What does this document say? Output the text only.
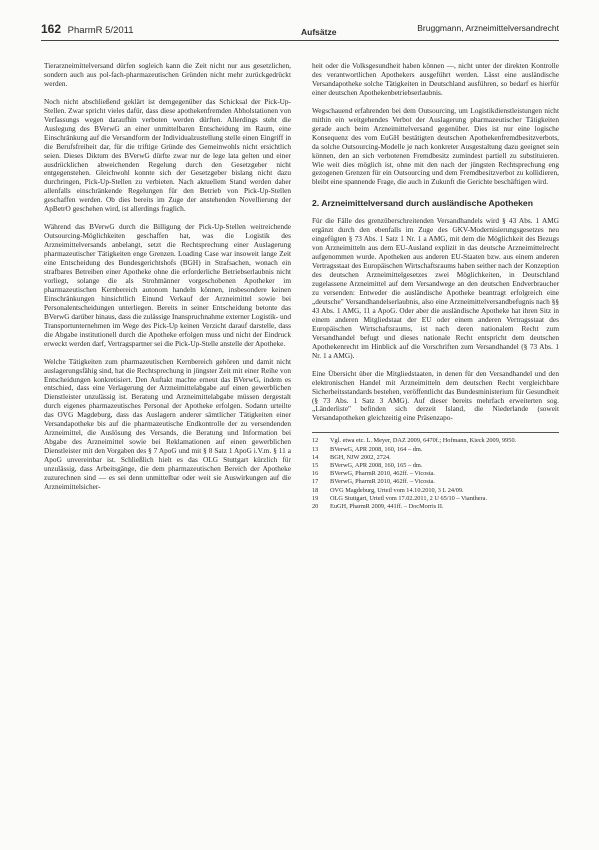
162 PharmR 5/2011	Aufsätze	Bruggmann, Arzneimittelversandrecht

Tierarzneimittelversand dürfen sogleich kann die Zeit nicht nur aus gesetzlichen, sondern auch aus pol-fach-pharmazeutischen Gründen nicht mehr zurückgedrückt werden.

Noch nicht abschließend geklärt ist demgegenüber das Schicksal der Pick-Up-Stellen. Zwar spricht vieles dafür, dass diese apothekenfremden Abholstationen von Verfassungs wegen daraufhin verboten werden dürften. Allerdings steht die Auslegung des BVerwG an einer unmittelbaren Entscheidung im Raum, eine Einschränkung auf die Versandform der Individualzustellung stelle einen Eingriff in die Berufsfreiheit dar, für die triftige Gründe des Gemeinwohls nicht ersichtlich seien. Dieses Diktum des BVerwG dürfte zwar nur de lege lata gelten und einer ausdrücklichen abweichenden Regelung durch den Gesetzgeber nicht entgegenstehen. Gleichwohl konnte sich der Gesetzgeber bislang nicht dazu durchringen, Pick-Up-Stellen zu verbieten. Nach aktuellem Stand werden daher allenfalls einschränkende Regelungen für den Betrieb von Pick-Up-Stellen geschaffen werden. Ob dies bereits im Zuge der anstehenden Novellierung der ApBetrO geschehen wird, ist allerdings fraglich.

Während das BVerwG durch die Billigung der Pick-Up-Stellen weitreichende Outsourcing-Möglichkeiten geschaffen hat, was die Logistik des Arzneimittelversands anbelangt, setzt die Rechtsprechung einer Auslagerung pharmazeutischer Tätigkeiten enge Grenzen. Loading Case war insoweit lange Zeit eine Entscheidung des Bundesgerichtshofs (BGH) in Strafsachen, wonach ein strafbares Betreiben einer Apotheke ohne die erforderliche Betriebserlaubnis nicht vorliegt, solange die als Strohmänner vorgeschobenen Apotheker im pharmazeutischen Kernbereich autonom handeln können, insbesondere keinen Einschränkungen hinsichtlich Einund Verkauf der Arzneimittel sowie bei Personalentscheidungen unterliegen. Bereits in seiner Entscheidung betonte das BVerwG darüber hinaus, dass die zulässige Inanspruchnahme externer Logistik- und Transportunternehmen im Wege des Pick-Up keinen Verzicht darauf darstelle, dass die Abgabe institutionell durch die Apotheke erfolgen muss und nicht der Eindruck erweckt werden darf, Vertragspartner sei die Pick-Up-Stelle anstelle der Apotheke.

Welche Tätigkeiten zum pharmazeutischen Kernbereich gehören und damit nicht auslagerungsfähig sind, hat die Rechtsprechung in jüngster Zeit mit einer Reihe von Entscheidungen konkretisiert. Den Auftakt machte erneut das BVerwG, indem es entschied, dass eine Verlagerung der Arzneimittelabgabe auf einen gewerblichen Dienstleister unzulässig ist. Beratung und Arzneimittelabgabe müssen dergestalt durch eigenes pharmazeutisches Personal der Apotheke erfolgen. Sodann urteilte das OVG Magdeburg, dass das Auslagern anderer sämtlicher Tätigkeiten einer Versandapotheke bis auf die pharmazeutische Endkontrolle der zu versendenden Arzneimittel, die Auslösung des Versands, die Beratung und Information bei Abgabe des Arzneimittel sowie bei Reklamationen auf einen gewerblichen Dienstleister mit den Vorgaben des § 7 ApoG und mit § 8 Satz 1 ApoG i.V.m. § 11 a ApoG unvereinbar ist. Schließlich hielt es das OLG Stuttgart kürzlich für unzulässig, dass Arbeitsgänge, die dem pharmazeutischen Bereich der Apotheke zuzurechnen sind — es sei denn unmittelbar oder weit sie Auswirkungen auf die Arzneimittelsicher-

heit oder die Volksgesundheit haben können —, nicht unter der direkten Kontrolle des verantwortlichen Apothekers ausgeführt werden. Lässt eine ausländische Versandapotheke solche Tätigkeiten in Deutschland ausführen, so bedarf es hierfür einer deutschen Apothekenbetriebserlaubnis.

Wegschauend erfahrenden bei dem Outsourcing, um Logistikdienstleistungen nicht mithin ein weitgehendes Verbot der Auslagerung pharmazeutischer Tätigkeiten gerade auch beim Arzneimittelversand gegenüber. Dies ist nur eine logische Konsequenz des vom EuGH bestätigten deutschen Apothekenfremdbesitzverbots, da solche Outsourcing-Modelle je nach konkreter Ausgestaltung dazu geeignet sein können, den an sich verbotenen Fremdbesitz zumindest partiell zu substituieren. Wie weit dies möglich ist, ohne mit den nach der jüngsten Rechtsprechung eng gezogenen Grenzen für ein Outsourcing und dem Fremdbesitzverbot zu kollidieren, bleibt eine spannende Frage, die auch in Zukunft die Gerichte beschäftigen wird.

2. Arzneimittelversand durch ausländische Apotheken

Für die Fälle des grenzüberschreitenden Versandhandels wird § 43 Abs. 1 AMG ergänzt durch den ebenfalls im Zuge des GKV-Modernisierungsgesetzes neu eingefügten § 73 Abs. 1 Satz 1 Nr. 1 a AMG, mit dem die Möglichkeit des Bezugs von Arzneimitteln aus dem EU-Ausland explizit in das deutsche Arzneimittelrecht aufgenommen wurde. Apotheken aus anderen EU-Staaten bzw. aus einem anderen Vertragsstaat des Europäischen Wirtschaftsraums haben seither nach der Konzeption des deutschen Arzneimittelgesetzes zwei Möglichkeiten, in Deutschland zugelassene Arzneimittel auf dem Versandwege an den deutschen Endverbraucher zu versenden: Entweder die ausländische Apotheke beantragt erfolgreich eine „deutsche" Versandhandelserlaubnis, also eine Arzneimittelversandbefugnis nach §§ 43 Abs. 1 AMG, 11 a ApoG. Oder aber die ausländische Apotheke hat ihren Sitz in einem anderen Mitgliedstaat der EU oder einem anderen Vertragsstaat des Europäischen Wirtschaftsraums, ist nach deren nationalem Recht zum Versandhandel befugt und dieses nationale Recht entspricht dem deutschen Apothekenrecht im Hinblick auf die Vorschriften zum Versandhandel (§ 73 Abs. 1 Nr. 1 a AMG).

Eine Übersicht über die Mitgliedstaaten, in denen für den Versandhandel und den elektronischen Handel mit Arzneimitteln dem deutschen Recht vergleichbare Sicherheitsstandards bestehen, veröffentlicht das Bundesministerium für Gesundheit (§ 73 Abs. 1 Satz 3 AMG). Auf dieser bereits mehrfach erweiterten sog. „Länderliste" befinden sich derzeit Island, die Niederlande (soweit Versandapotheken gleichzeitig eine Präsenzapo-

12	Vgl. etwa etc. L. Meyer, DAZ 2009, 6470f.; Hofmann, Kieck 2009, 9950.
13	BVerwG, APR 2008, 160, 164 – dm.
14	BGH, NJW 2002, 2724.
15	BVerwG, APR 2008, 160, 165 – dm.
16	BVerwG, PharmR 2010, 462ff. – Vicosta.
17	BVerwG, PharmR 2010, 462ff. – Vicosta.
18	OVG Magdeburg, Urteil vom 14.10.2010, 3 L 24/09.
19	OLG Stuttgart, Urteil vom 17.02.2011, 2 U 65/10 – Vianthera.
20	EuGH, PharmR 2009, 441ff. – DocMorris II.
